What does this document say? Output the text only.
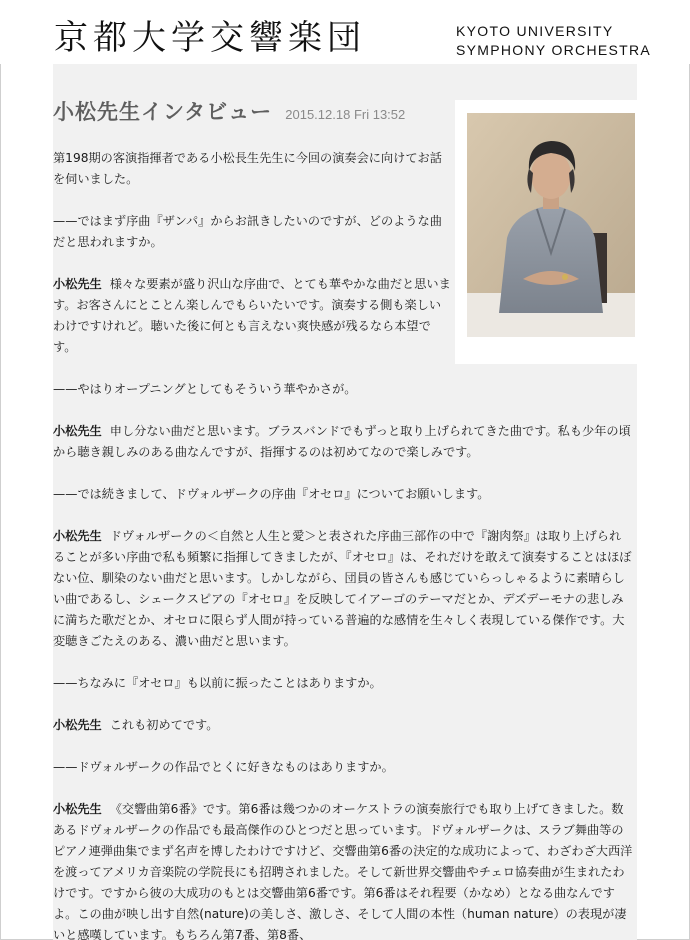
京都大学交響楽団	KYOTO UNIVERSITY
SYMPHONY ORCHESTRA
小松先生インタビュー 2015.12.18 Fri 13:52

第198期の客演指揮者である小松長生先生に今回の演奏会に向けてお話を伺いました。

——ではまず序曲『ザンパ』からお訊きしたいのですが、どのような曲だと思われますか。

小松先生 様々な要素が盛り沢山な序曲で、とても華やかな曲だと思います。お客さんにとことん楽しんでもらいたいです。演奏する側も楽しいわけですけれど。聴いた後に何とも言えない爽快感が残るなら本望です。

——やはりオープニングとしてもそういう華やかさが。

小松先生 申し分ない曲だと思います。ブラスバンドでもずっと取り上げられてきた曲です。私も少年の頃から聴き親しみのある曲なんですが、指揮するのは初めてなので楽しみです。

——では続きまして、ドヴォルザークの序曲『オセロ』についてお願いします。

小松先生 ドヴォルザークの＜自然と人生と愛＞と表された序曲三部作の中で『謝肉祭』は取り上げられることが多い序曲で私も頻繁に指揮してきましたが、『オセロ』は、それだけを敢えて演奏することはほぼない位、馴染のない曲だと思います。しかしながら、団員の皆さんも感じていらっしゃるように素晴らしい曲であるし、シェークスピアの『オセロ』を反映してイアーゴのテーマだとか、デズデーモナの悲しみに満ちた歌だとか、オセロに限らず人間が持っている普遍的な感情を生々しく表現している傑作です。大変聴きごたえのある、濃い曲だと思います。

——ちなみに『オセロ』も以前に振ったことはありますか。

小松先生 これも初めてです。

——ドヴォルザークの作品でとくに好きなものはありますか。

小松先生 《交響曲第6番》です。第6番は幾つかのオーケストラの演奏旅行でも取り上げてきました。数あるドヴォルザークの作品でも最高傑作のひとつだと思っています。ドヴォルザークは、スラブ舞曲等のピアノ連弾曲集でまず名声を博したわけですけど、交響曲第6番の決定的な成功によって、わざわざ大西洋を渡ってアメリカ音楽院の学院長にも招聘されました。そして新世界交響曲やチェロ協奏曲が生まれたわけです。ですから彼の大成功のもとは交響曲第6番です。第6番はそれ程要（かなめ）となる曲なんですよ。この曲が映し出す自然(nature)の美しさ、激しさ、そして人間の本性（human nature）の表現が凄いと感嘆しています。もちろん第7番、第8番、
